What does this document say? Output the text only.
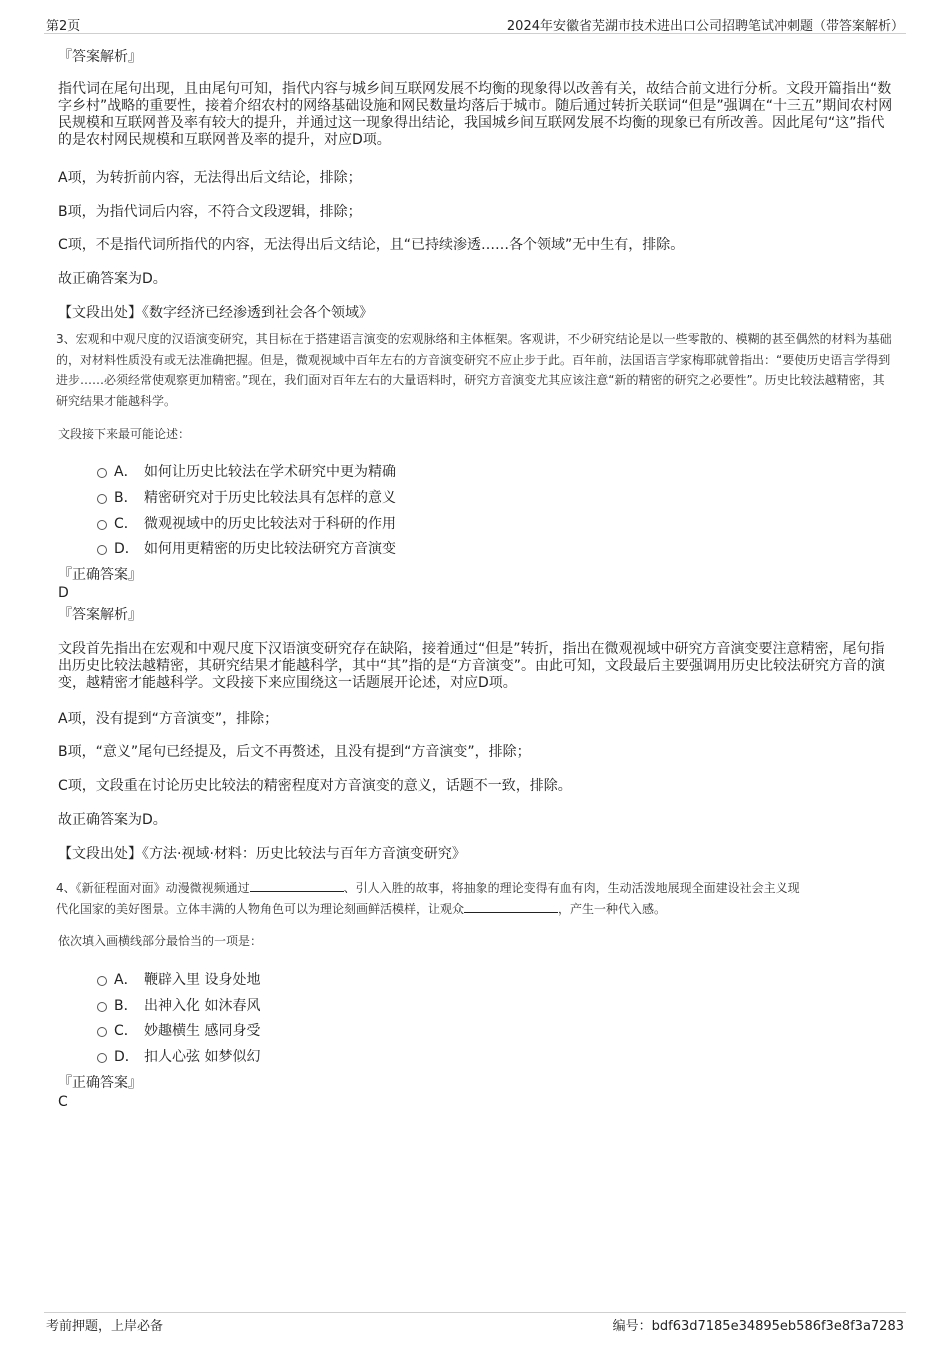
第2页	2024年安徽省芜湖市技术进出口公司招聘笔试冲刺题（带答案解析）
『答案解析』
指代词在尾句出现，且由尾句可知，指代内容与城乡间互联网发展不均衡的现象得以改善有关，故结合前文进行分析。文段开篇指出“数字乡村”战略的重要性，接着介绍农村的网络基础设施和网民数量均落后于城市。随后通过转折关联词“但是”强调在“十三五”期间农村网民规模和互联网普及率有较大的提升，并通过这一现象得出结论，我国城乡间互联网发展不均衡的现象已有所改善。因此尾句“这”指代的是农村网民规模和互联网普及率的提升，对应D项。
A项，为转折前内容，无法得出后文结论，排除；
B项，为指代词后内容，不符合文段逻辑，排除；
C项，不是指代词所指代的内容，无法得出后文结论，且“已持续渗透……各个领域”无中生有，排除。
故正确答案为D。
【文段出处】《数字经济已经渗透到社会各个领域》
3、宏观和中观尺度的汉语演变研究，其目标在于搭建语言演变的宏观脉络和主体框架。客观讲，不少研究结论是以一些零散的、模糊的甚至偶然的材料为基础的，对材料性质没有或无法准确把握。但是，微观视域中百年左右的方音演变研究不应止步于此。百年前，法国语言学家梅耶就曾指出：“要使历史语言学得到进步……必须经常使观察更加精密。”现在，我们面对百年左右的大量语料时，研究方音演变尤其应该注意“新的精密的研究之必要性”。历史比较法越精密，其研究结果才能越科学。
文段接下来最可能论述：
A． 如何让历史比较法在学术研究中更为精确
B． 精密研究对于历史比较法具有怎样的意义
C． 微观视域中的历史比较法对于科研的作用
D． 如何用更精密的历史比较法研究方音演变
『正确答案』
D
『答案解析』
文段首先指出在宏观和中观尺度下汉语演变研究存在缺陷，接着通过“但是”转折，指出在微观视域中研究方音演变要注意精密，尾句指出历史比较法越精密，其研究结果才能越科学，其中“其”指的是“方音演变”。由此可知，文段最后主要强调用历史比较法研究方音的演变，越精密才能越科学。文段接下来应围绕这一话题展开论述，对应D项。
A项，没有提到“方音演变”，排除；
B项，“意义”尾句已经提及，后文不再赘述，且没有提到“方音演变”，排除；
C项，文段重在讨论历史比较法的精密程度对方音演变的意义，话题不一致，排除。
故正确答案为D。
【文段出处】《方法·视域·材料：历史比较法与百年方音演变研究》
4、《新征程面对面》动漫微视频通过	、引人入胜的故事，将抽象的理论变得有血有肉，生动活泼地展现全面建设社会主义现
代化国家的美好图景。立体丰满的人物角色可以为理论刻画鲜活模样，让观众	，产生一种代入感。
依次填入画横线部分最恰当的一项是：
A． 鞭辟入里 设身处地
B． 出神入化 如沐春风
C． 妙趣横生 感同身受
D． 扣人心弦 如梦似幻
『正确答案』
C
考前押题，上岸必备	编号：bdf63d7185e34895eb586f3e8f3a7283
